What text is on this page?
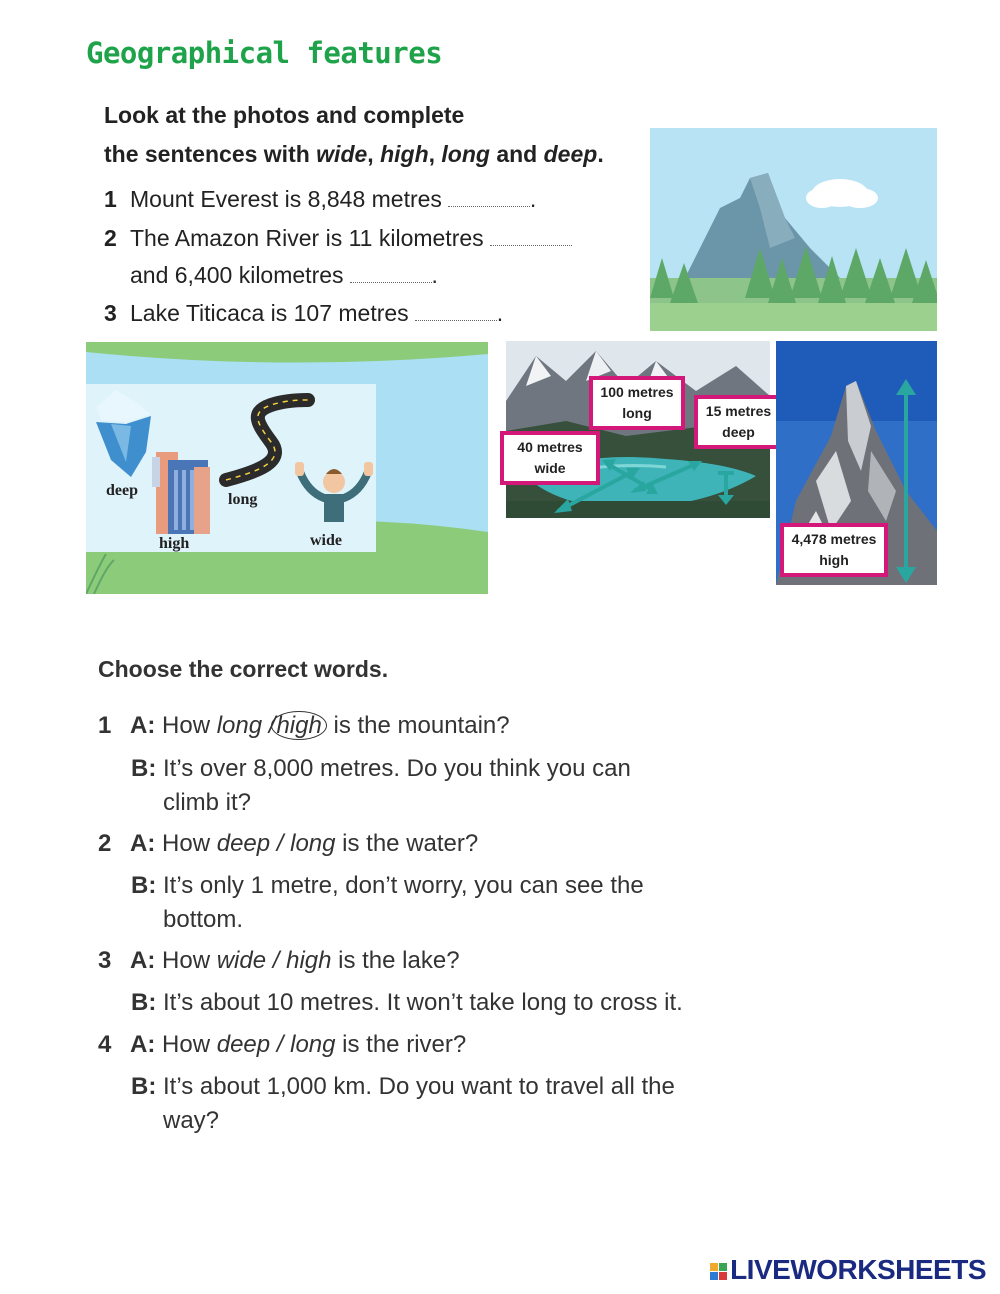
Geographical features
Look at the photos and complete
the sentences with wide, high, long and deep.
1 Mount Everest is 8,848 metres	.
2 The Amazon River is 11 kilometres
and 6,400 kilometres	.
3 Lake Titicaca is 107 metres	.
deep
high
long
wide
100 metres
long	15 metres
deep
40 metres
wide
4,478 metres
high
Choose the correct words.
1 A: How long /high is the mountain?
B: It’s over 8,000 metres. Do you think you can
climb it?
2 A: How deep / long is the water?
B: It’s only 1 metre, don’t worry, you can see the
bottom.
3 A: How wide / high is the lake?
B: It’s about 10 metres. It won’t take long to cross it.
4 A: How deep / long is the river?
B: It’s about 1,000 km. Do you want to travel all the
way?
LIVEWORKSHEETS
